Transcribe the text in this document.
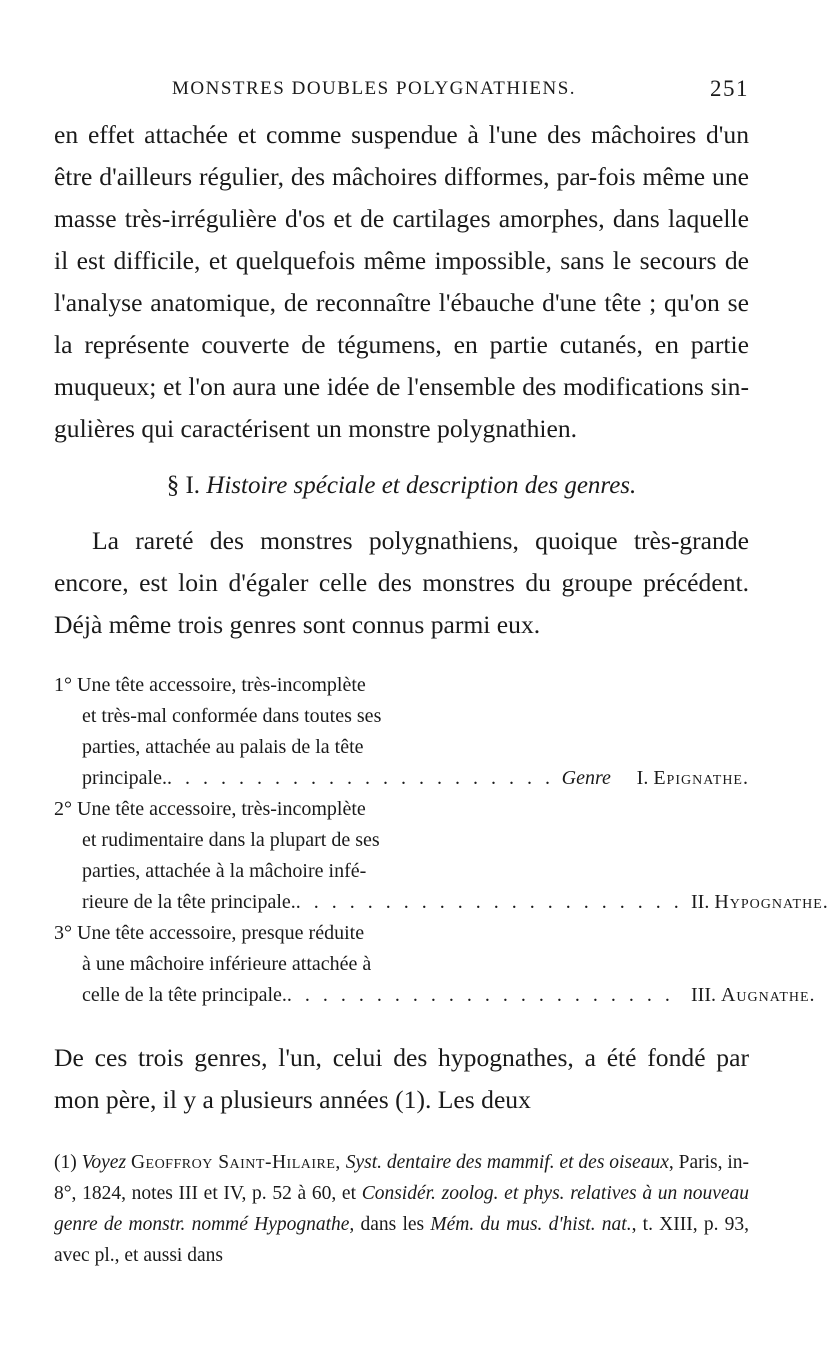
MONSTRES DOUBLES POLYGNATHIENS.	251

en effet attachée et comme suspendue à l'une des mâchoires d'un être d'ailleurs régulier, des mâchoires difformes, par-fois même une masse très-irrégulière d'os et de cartilages amorphes, dans laquelle il est difficile, et quelquefois même impossible, sans le secours de l'analyse anatomique, de reconnaître l'ébauche d'une tête ; qu'on se la représente couverte de tégumens, en partie cutanés, en partie muqueux; et l'on aura une idée de l'ensemble des modifications sin-gulières qui caractérisent un monstre polygnathien.

§ I. Histoire spéciale et description des genres.

La rareté des monstres polygnathiens, quoique très-grande encore, est loin d'égaler celle des monstres du groupe précédent. Déjà même trois genres sont connus parmi eux.

1° Une tête accessoire, très-incomplète
et très-mal conformée dans toutes ses
parties, attachée au palais de la tête
principale. . . . . . . . . . . . . . . . . . . . . . . Genre I. Epignathe.
2° Une tête accessoire, très-incomplète
et rudimentaire dans la plupart de ses
parties, attachée à la mâchoire infé-
rieure de la tête principale. . . . . . . . . . . . . . . . . . . . . . . II. Hypognathe.
3° Une tête accessoire, presque réduite
à une mâchoire inférieure attachée à
celle de la tête principale. . . . . . . . . . . . . . . . . . . . . . . III. Augnathe.

De ces trois genres, l'un, celui des hypognathes, a été fondé par mon père, il y a plusieurs années (1). Les deux

(1) Voyez Geoffroy Saint-Hilaire, Syst. dentaire des mammif. et des oiseaux, Paris, in-8°, 1824, notes III et IV, p. 52 à 60, et Considér. zoolog. et phys. relatives à un nouveau genre de monstr. nommé Hypognathe, dans les Mém. du mus. d'hist. nat., t. XIII, p. 93, avec pl., et aussi dans
